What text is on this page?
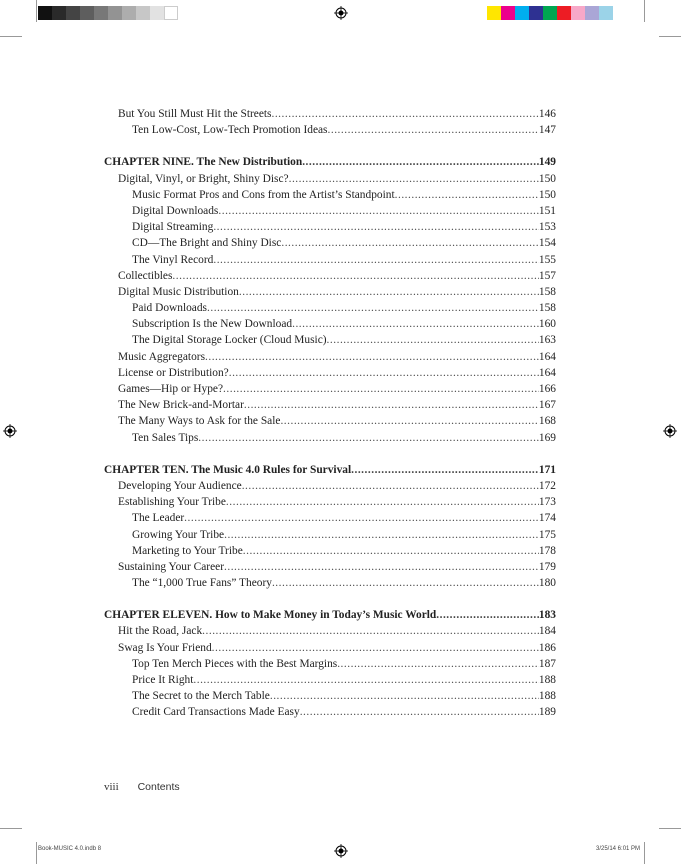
But You Still Must Hit the Streets .....	146
Ten Low-Cost, Low-Tech Promotion Ideas .....	147
CHAPTER NINE. The New Distribution .....	149
Digital, Vinyl, or Bright, Shiny Disc? .....	150
Music Format Pros and Cons from the Artist’s Standpoint .....	150
Digital Downloads .....	151
Digital Streaming .....	153
CD—The Bright and Shiny Disc .....	154
The Vinyl Record .....	155
Collectibles .....	157
Digital Music Distribution .....	158
Paid Downloads .....	158
Subscription Is the New Download .....	160
The Digital Storage Locker (Cloud Music) .....	163
Music Aggregators .....	164
License or Distribution? .....	164
Games—Hip or Hype? .....	166
The New Brick-and-Mortar .....	167
The Many Ways to Ask for the Sale .....	168
Ten Sales Tips .....	169
CHAPTER TEN. The Music 4.0 Rules for Survival .....	171
Developing Your Audience .....	172
Establishing Your Tribe .....	173
The Leader .....	174
Growing Your Tribe .....	175
Marketing to Your Tribe .....	178
Sustaining Your Career .....	179
The “1,000 True Fans” Theory .....	180
CHAPTER ELEVEN. How to Make Money in Today’s Music World .....	183
Hit the Road, Jack .....	184
Swag Is Your Friend .....	186
Top Ten Merch Pieces with the Best Margins .....	187
Price It Right .....	188
The Secret to the Merch Table .....	188
Credit Card Transactions Made Easy .....	189
viii Contents
Book-MUSIC 4.0.indb 8	3/25/14 6:01 PM
